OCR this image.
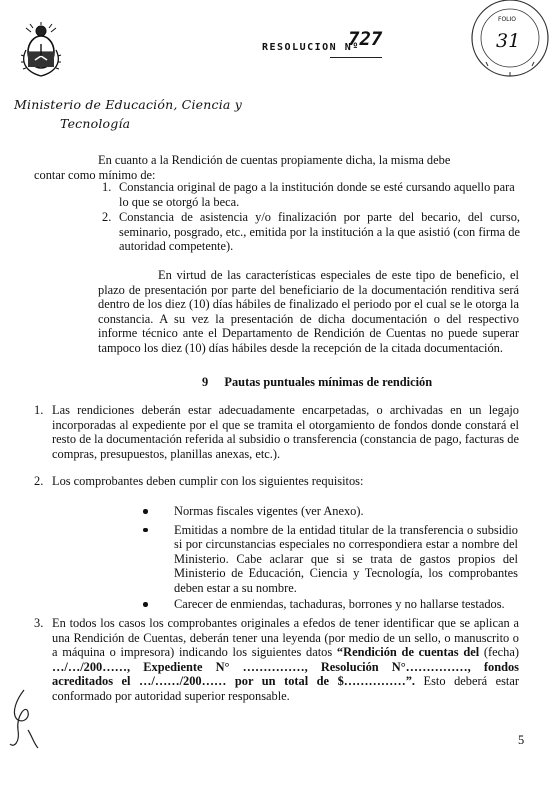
Ministerio de Educación, Ciencia y
Tecnología
RESOLUCION Nº
727
FOLIO
31
En cuanto a la Rendición de cuentas propiamente dicha, la misma debe contar como mínimo de:
1. Constancia original de pago a la institución donde se esté cursando aquello para lo que se otorgó la beca.
2. Constancia de asistencia y/o finalización por parte del becario, del curso, seminario, posgrado, etc., emitida por la institución a la que asistió (con firma de autoridad competente).
En virtud de las características especiales de este tipo de beneficio, el plazo de presentación por parte del beneficiario de la documentación renditiva será dentro de los diez (10) días hábiles de finalizado el periodo por el cual se le otorga la constancia. A su vez la presentación de dicha documentación o del respectivo informe técnico ante el Departamento de Rendición de Cuentas no puede superar tampoco los diez (10) días hábiles desde la recepción de la citada documentación.
9 Pautas puntuales mínimas de rendición
1. Las rendiciones deberán estar adecuadamente encarpetadas, o archivadas en un legajo incorporadas al expediente por el que se tramita el otorgamiento de fondos donde constará el resto de la documentación referida al subsidio o transferencia (constancia de pago, facturas de compras, presupuestos, planillas anexas, etc.).
2. Los comprobantes deben cumplir con los siguientes requisitos:
Normas fiscales vigentes (ver Anexo).
Emitidas a nombre de la entidad titular de la transferencia o subsidio si por circunstancias especiales no correspondiera estar a nombre del Ministerio. Cabe aclarar que si se trata de gastos propios del Ministerio de Educación, Ciencia y Tecnología, los comprobantes deben estar a su nombre.
Carecer de enmiendas, tachaduras, borrones y no hallarse testados.
3. En todos los casos los comprobantes originales a efedos de tener identificar que se aplican a una Rendición de Cuentas, deberán tener una leyenda (por medio de un sello, o manuscrito o a máquina o impresora) indicando los siguientes datos “Rendición de cuentas del (fecha) …/…/200……, Expediente N° ……………, Resolución N°……………, fondos acreditados el …/……/200…… por un total de $……………”. Esto deberá estar conformado por autoridad superior responsable.
5
